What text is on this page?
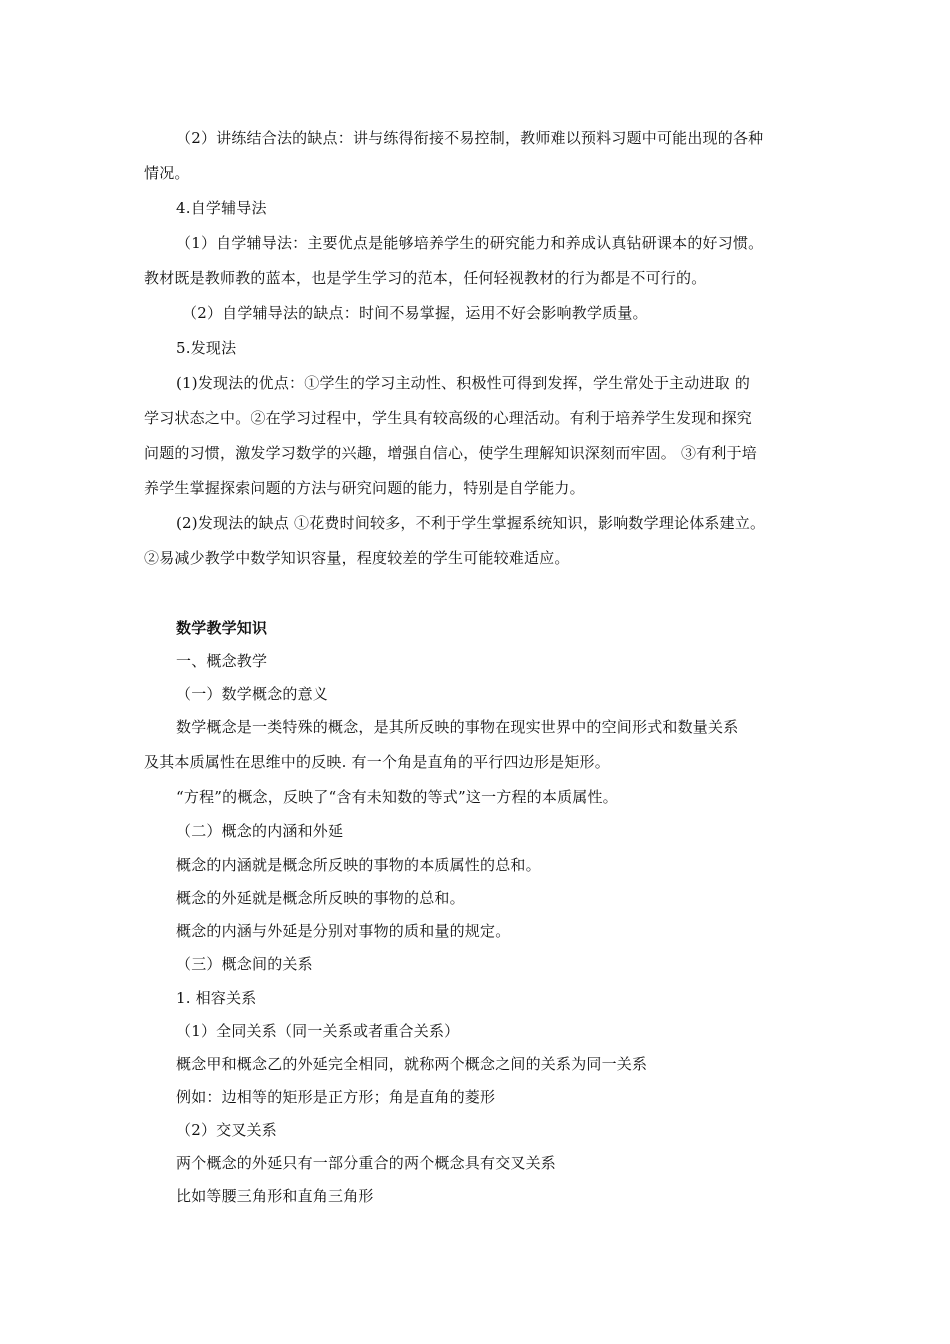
（2）讲练结合法的缺点：讲与练得衔接不易控制，教师难以预料习题中可能出现的各种
情况。
4.自学辅导法
（1）自学辅导法：主要优点是能够培养学生的研究能力和养成认真钻研课本的好习惯。
教材既是教师教的蓝本，也是学生学习的范本，任何轻视教材的行为都是不可行的。
（2）自学辅导法的缺点：时间不易掌握，运用不好会影响教学质量。
5.发现法
(1)发现法的优点：①学生的学习主动性、积极性可得到发挥，学生常处于主动进取 的
学习状态之中。②在学习过程中，学生具有较高级的心理活动。有利于培养学生发现和探究
问题的习惯，激发学习数学的兴趣，增强自信心，使学生理解知识深刻而牢固。 ③有利于培
养学生掌握探索问题的方法与研究问题的能力，特别是自学能力。
(2)发现法的缺点 ①花费时间较多，不利于学生掌握系统知识，影响数学理论体系建立。
②易减少教学中数学知识容量，程度较差的学生可能较难适应。
数学教学知识
一、概念教学
（一）数学概念的意义
数学概念是一类特殊的概念，是其所反映的事物在现实世界中的空间形式和数量关系
及其本质属性在思维中的反映. 有一个角是直角的平行四边形是矩形。
“方程”的概念，反映了“含有未知数的等式”这一方程的本质属性。
（二）概念的内涵和外延
概念的内涵就是概念所反映的事物的本质属性的总和。
概念的外延就是概念所反映的事物的总和。
概念的内涵与外延是分别对事物的质和量的规定。
（三）概念间的关系
1. 相容关系
（1）全同关系（同一关系或者重合关系）
概念甲和概念乙的外延完全相同，就称两个概念之间的关系为同一关系
例如：边相等的矩形是正方形；角是直角的菱形
（2）交叉关系
两个概念的外延只有一部分重合的两个概念具有交叉关系
比如等腰三角形和直角三角形
